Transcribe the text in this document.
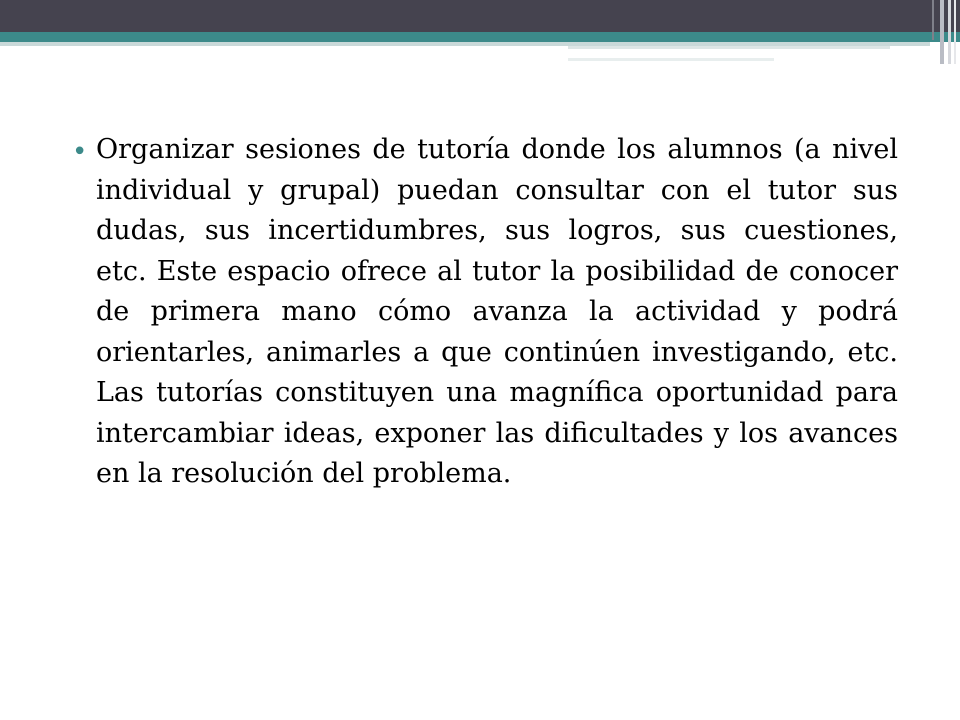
• Organizar sesiones de tutoría donde los alumnos (a nivel individual y grupal) puedan consultar con el tutor sus dudas, sus incertidumbres, sus logros, sus cuestiones, etc. Este espacio ofrece al tutor la posibilidad de conocer de primera mano cómo avanza la actividad y podrá orientarles, animarles a que continúen investigando, etc. Las tutorías constituyen una magnífica oportunidad para intercambiar ideas, exponer las dificultades y los avances en la resolución del problema.
